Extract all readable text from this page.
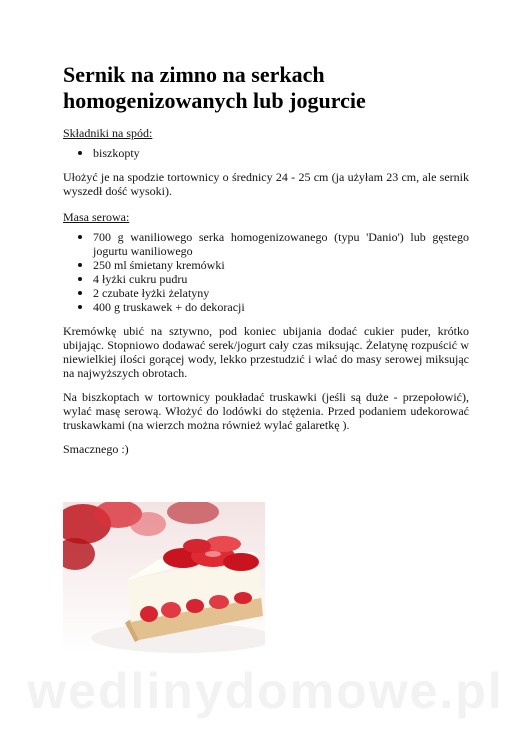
Sernik na zimno na serkach
homogenizowanych lub jogurcie
Składniki na spód:
biszkopty

Ułożyć je na spodzie tortownicy o średnicy 24 - 25 cm (ja użyłam 23 cm, ale sernik wyszedł dość wysoki).

Masa serowa:
700 g waniliowego serka homogenizowanego (typu 'Danio') lub gęstego jogurtu waniliowego
250 ml śmietany kremówki
4 łyżki cukru pudru
2 czubate łyżki żelatyny
400 g truskawek + do dekoracji

Kremówkę ubić na sztywno, pod koniec ubijania dodać cukier puder, krótko ubijając. Stopniowo dodawać serek/jogurt cały czas miksując. Żelatynę rozpuścić w niewielkiej ilości gorącej wody, lekko przestudzić i wlać do masy serowej miksując na najwyższych obrotach.

Na biszkoptach w tortownicy poukładać truskawki (jeśli są duże - przepołowić), wylać masę serową. Włożyć do lodówki do stężenia. Przed podaniem udekorować truskawkami (na wierzch można również wylać galaretkę ).

Smacznego :)

wedlinydomowe.pl
